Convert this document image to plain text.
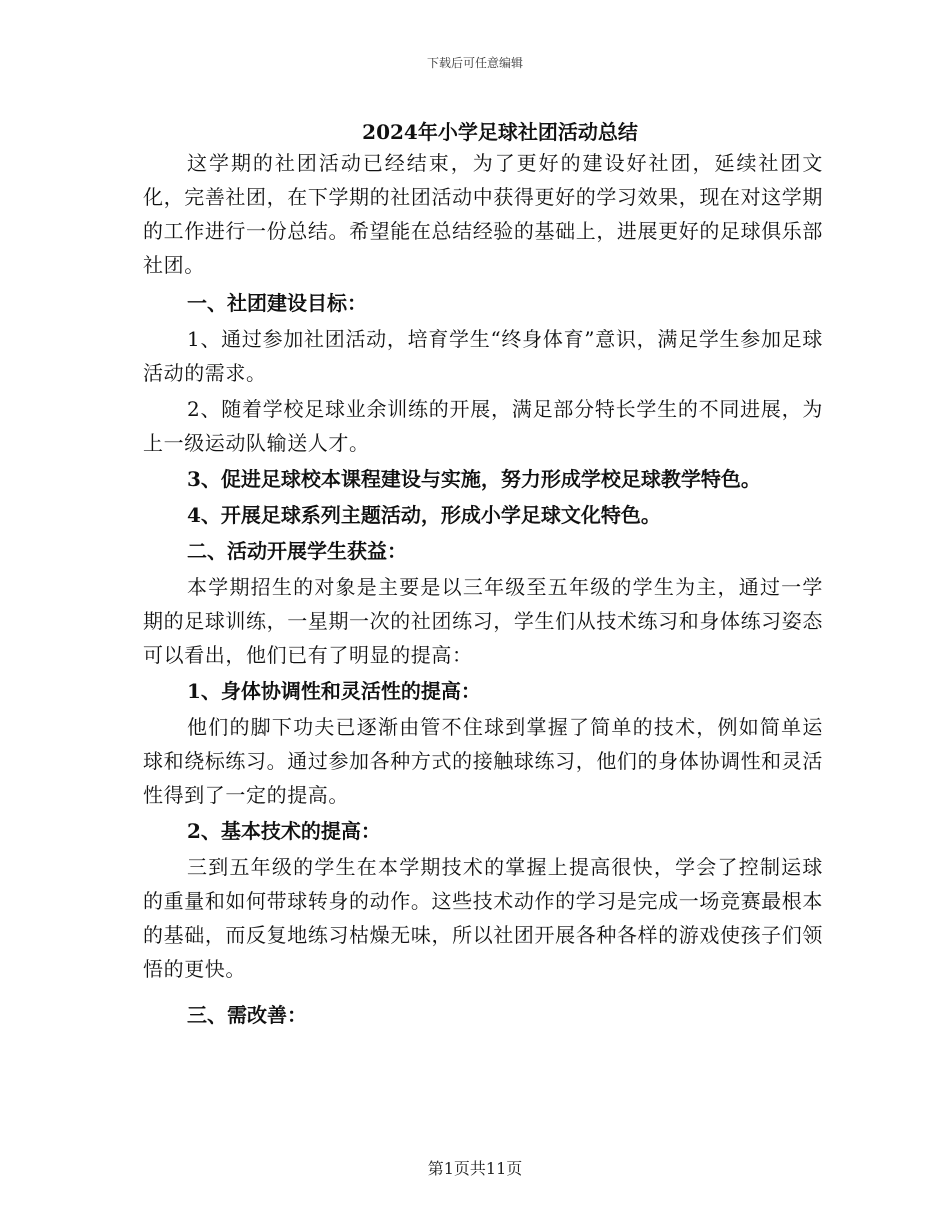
下载后可任意编辑
2024年小学足球社团活动总结

这学期的社团活动已经结束，为了更好的建设好社团，延续社团文化，完善社团，在下学期的社团活动中获得更好的学习效果，现在对这学期的工作进行一份总结。希望能在总结经验的基础上，进展更好的足球俱乐部社团。

一、社团建设目标：

1、通过参加社团活动，培育学生“终身体育”意识，满足学生参加足球活动的需求。

2、随着学校足球业余训练的开展，满足部分特长学生的不同进展，为上一级运动队输送人才。

3、促进足球校本课程建设与实施，努力形成学校足球教学特色。

4、开展足球系列主题活动，形成小学足球文化特色。

二、活动开展学生获益：

本学期招生的对象是主要是以三年级至五年级的学生为主，通过一学期的足球训练，一星期一次的社团练习，学生们从技术练习和身体练习姿态可以看出，他们已有了明显的提高：

1、身体协调性和灵活性的提高：

他们的脚下功夫已逐渐由管不住球到掌握了简单的技术，例如简单运球和绕标练习。通过参加各种方式的接触球练习，他们的身体协调性和灵活性得到了一定的提高。

2、基本技术的提高：

三到五年级的学生在本学期技术的掌握上提高很快，学会了控制运球的重量和如何带球转身的动作。这些技术动作的学习是完成一场竞赛最根本的基础，而反复地练习枯燥无味，所以社团开展各种各样的游戏使孩子们领悟的更快。

三、需改善：

第1页共11页
